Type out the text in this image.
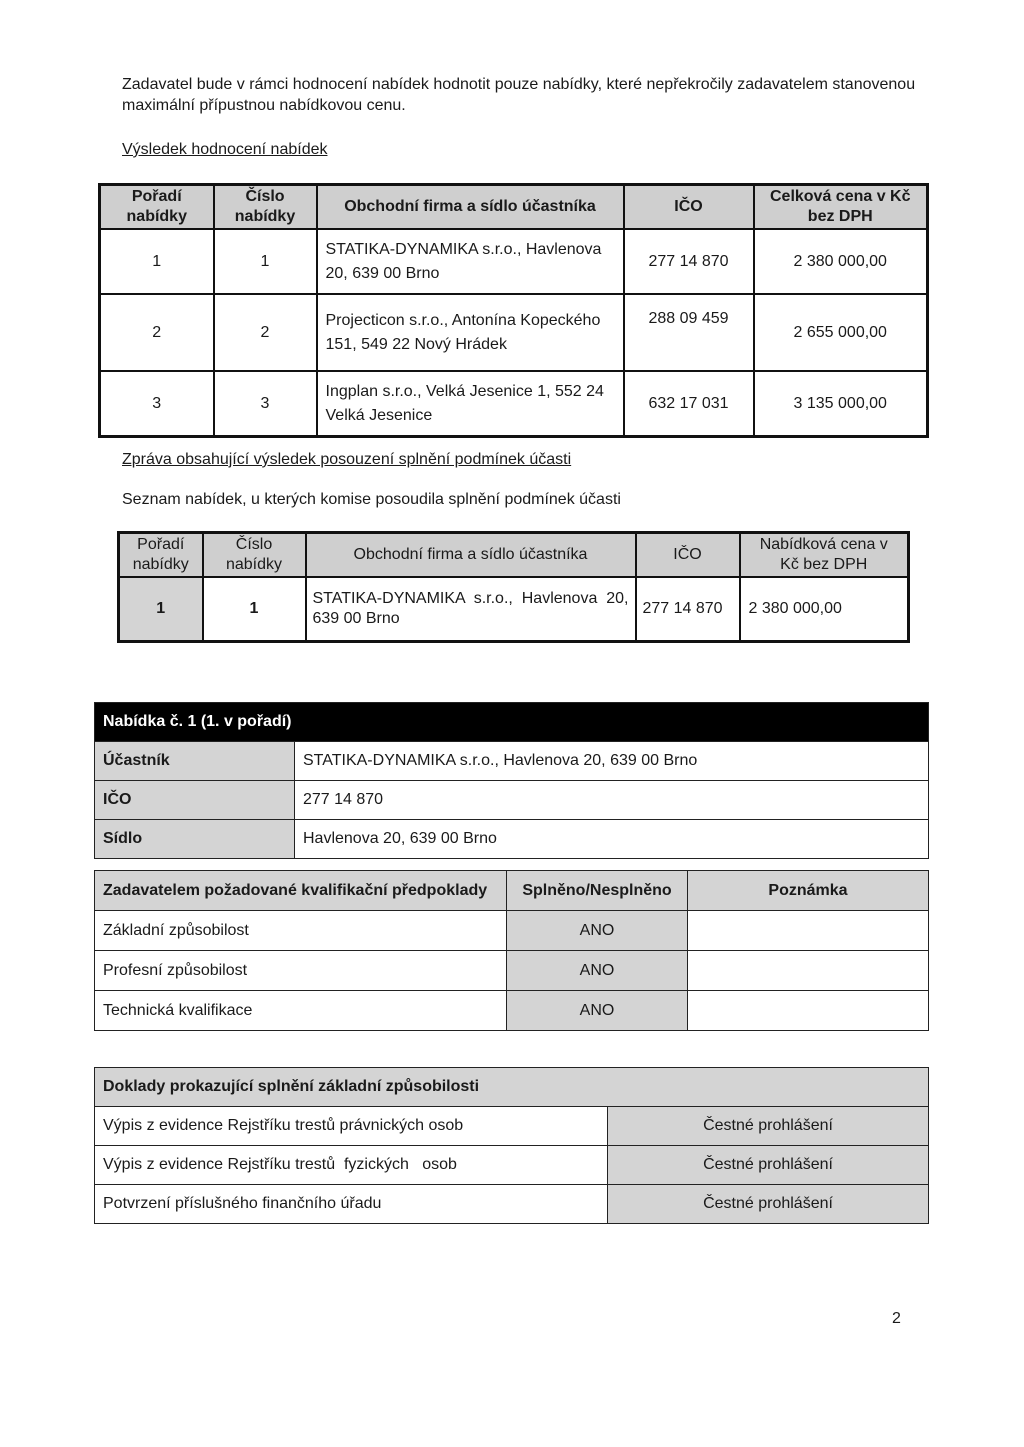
Zadavatel bude v rámci hodnocení nabídek hodnotit pouze nabídky, které nepřekročily zadavatelem stanovenou maximální přípustnou nabídkovou cenu.

Výsledek hodnocení nabídek

Pořadí nabídky	Číslo nabídky	Obchodní firma a sídlo účastníka	IČO	Celková cena v Kč bez DPH
1	1	STATIKA-DYNAMIKA s.r.o., Havlenova 20, 639 00 Brno	277 14 870	2 380 000,00
2	2	Projecticon s.r.o., Antonína Kopeckého 151, 549 22 Nový Hrádek	288 09 459	2 655 000,00
3	3	Ingplan s.r.o., Velká Jesenice 1, 552 24 Velká Jesenice	632 17 031	3 135 000,00

Zpráva obsahující výsledek posouzení splnění podmínek účasti

Seznam nabídek, u kterých komise posoudila splnění podmínek účasti

Pořadí nabídky	Číslo nabídky	Obchodní firma a sídlo účastníka	IČO	Nabídková cena v Kč bez DPH
1	1	STATIKA-DYNAMIKA s.r.o., Havlenova 20, 639 00 Brno	277 14 870	2 380 000,00
Nabídka č. 1 (1. v pořadí)	
Účastník	STATIKA-DYNAMIKA s.r.o., Havlenova 20, 639 00 Brno
IČO	277 14 870
Sídlo	Havlenova 20, 639 00 Brno
Zadavatelem požadované kvalifikační předpoklady	Splněno/Nesplněno	Poznámka
Základní způsobilost	ANO	
Profesní způsobilost	ANO	
Technická kvalifikace	ANO	
Doklady prokazující splnění základní způsobilosti	
Výpis z evidence Rejstříku trestů právnických osob	Čestné prohlášení
Výpis z evidence Rejstříku trestů  fyzických   osob	Čestné prohlášení
Potvrzení příslušného finančního úřadu	Čestné prohlášení

2
